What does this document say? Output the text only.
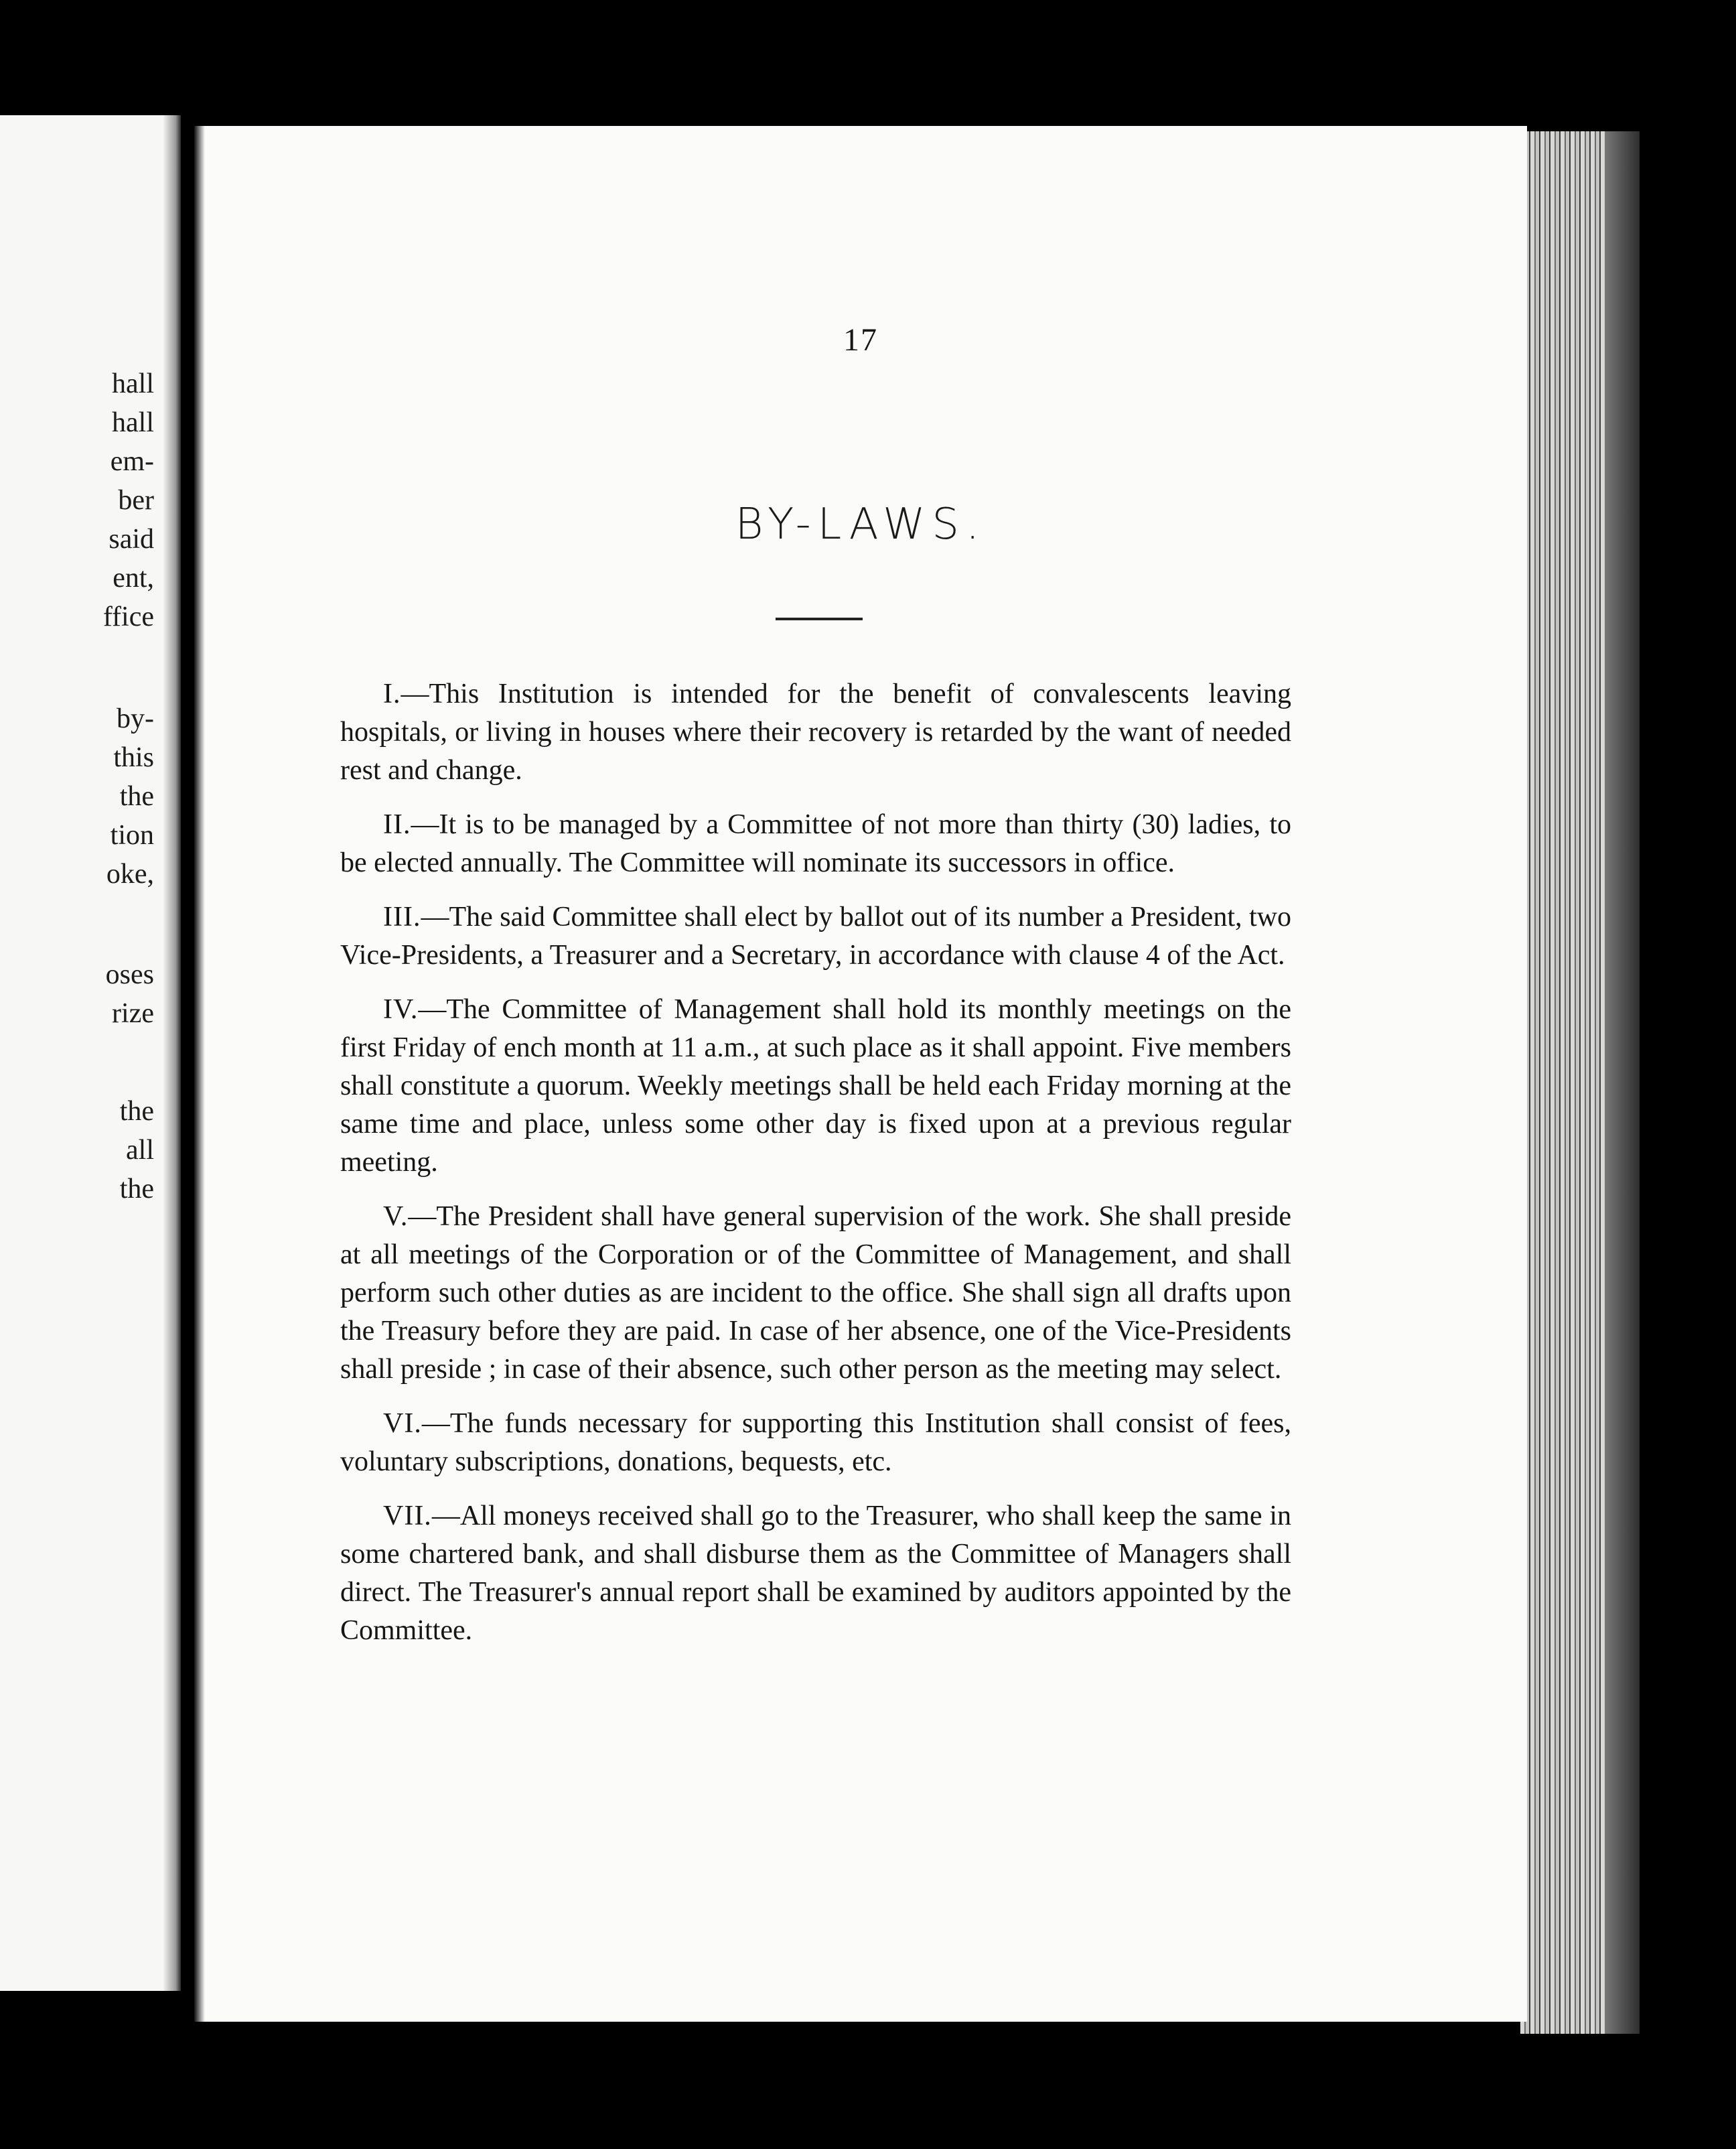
hall
hall
em-
ber
said
ent,
ffice
by-
this
the
tion
oke,
oses
rize
the
all
the
17
BY-LAWS.

I.—This Institution is intended for the benefit of convalescents leaving hospitals, or living in houses where their recovery is retarded by the want of needed rest and change.

II.—It is to be managed by a Committee of not more than thirty (30) ladies, to be elected annually. The Committee will nominate its successors in office.

III.—The said Committee shall elect by ballot out of its number a President, two Vice-Presidents, a Treasurer and a Secretary, in accordance with clause 4 of the Act.

IV.—The Committee of Management shall hold its monthly meetings on the first Friday of ench month at 11 a.m., at such place as it shall appoint. Five members shall constitute a quorum. Weekly meetings shall be held each Friday morning at the same time and place, unless some other day is fixed upon at a previous regular meeting.

V.—The President shall have general supervision of the work. She shall preside at all meetings of the Corporation or of the Committee of Management, and shall perform such other duties as are incident to the office. She shall sign all drafts upon the Treasury before they are paid. In case of her absence, one of the Vice-Presidents shall preside ; in case of their absence, such other person as the meeting may select.

VI.—The funds necessary for supporting this Institution shall consist of fees, voluntary subscriptions, donations, bequests, etc.

VII.—All moneys received shall go to the Treasurer, who shall keep the same in some chartered bank, and shall disburse them as the Committee of Managers shall direct. The Treasurer's annual report shall be examined by auditors appointed by the Committee.
